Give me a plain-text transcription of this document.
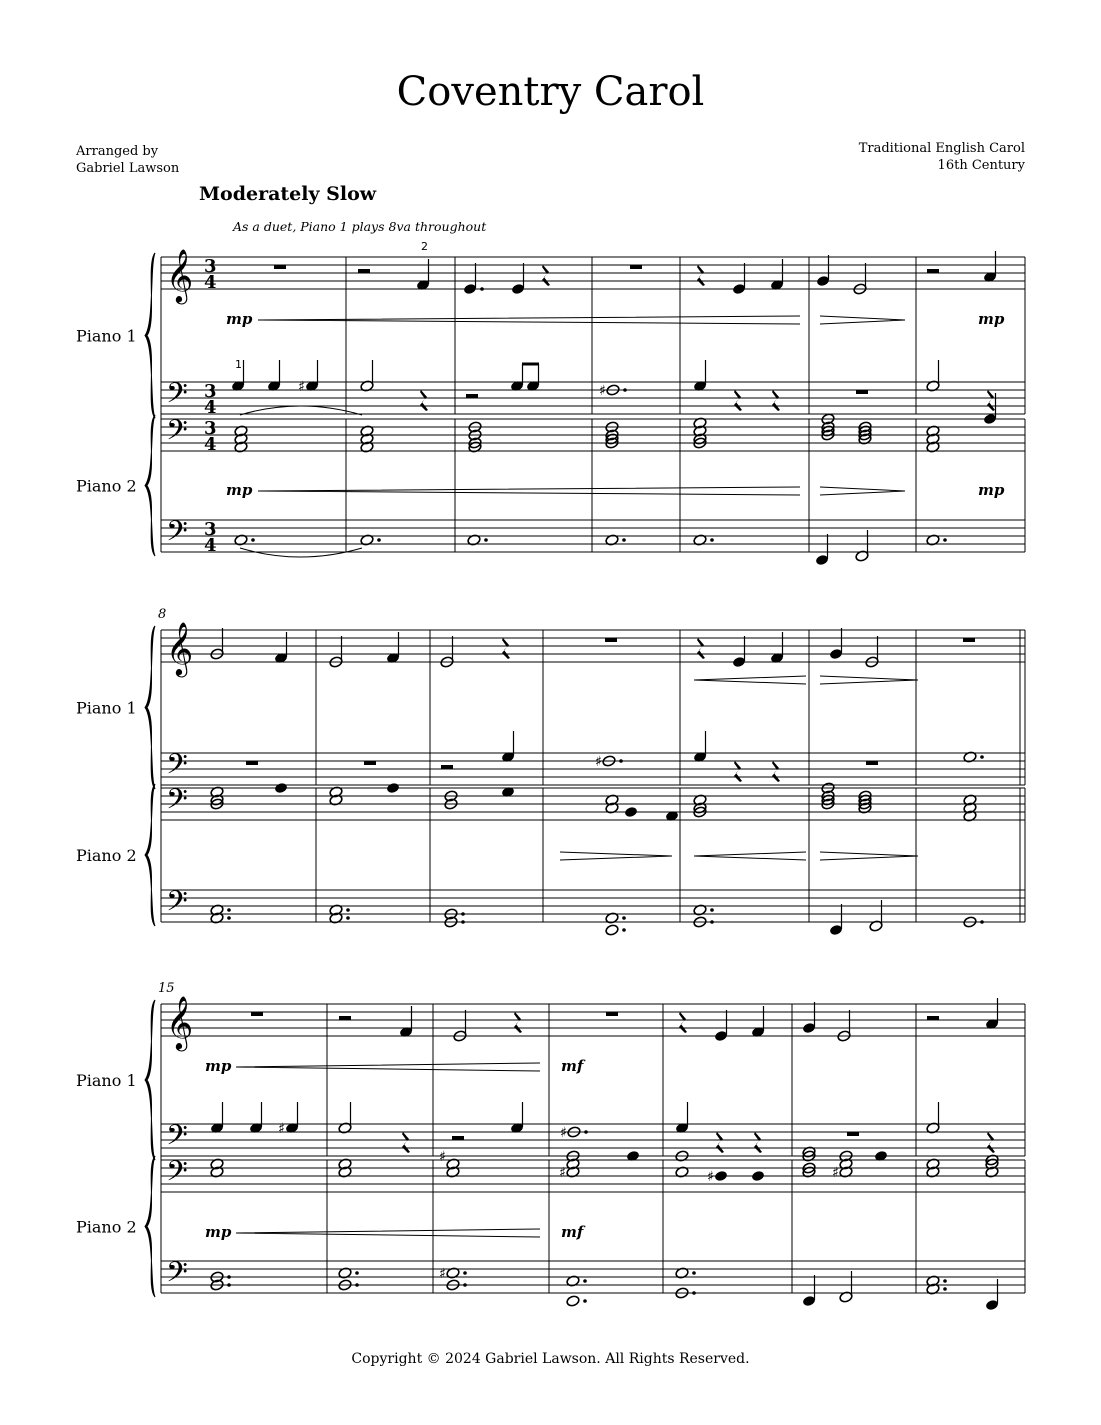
Coventry Carol
Arranged by
Gabriel Lawson
Traditional English Carol
16th Century
Moderately Slow
As a duet, Piano 1 plays 8va throughout
Piano 1
Piano 2
𝄞
𝄢
𝄢
𝄢
3
4
3
4
3
4
3
4
Piano 1
Piano 2
𝄞
𝄢
𝄢
𝄢
8
Piano 1
Piano 2
𝄞
𝄢
𝄢
𝄢
15
2
mp	mp
1
♯	♯
mp	mp
♯
mp	mf
♯	♯
♯
♯	♯	♯
mp	mf
♯
Copyright © 2024 Gabriel Lawson. All Rights Reserved.
